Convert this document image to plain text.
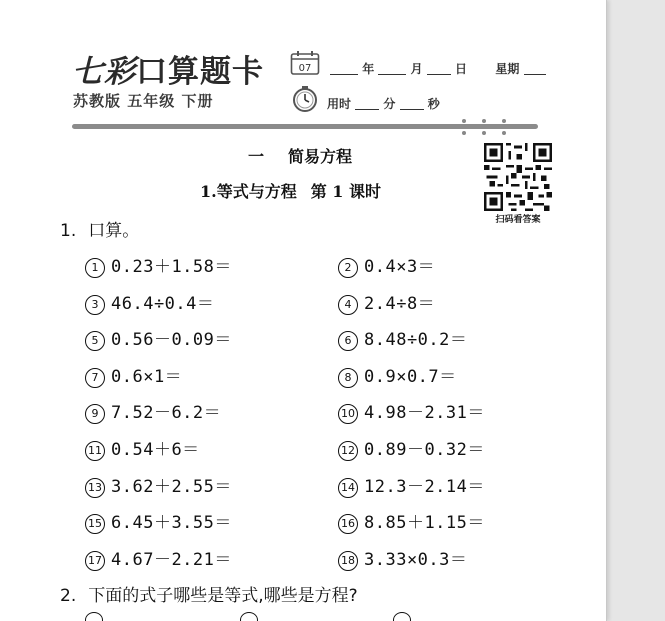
七彩口算题卡
苏教版 五年级 下册
07	年	月	日 星期
用时	分	秒
扫码看答案
一 简易方程
1.等式与方程 第 1 课时
1. 口算。
1 0.23＋1.58＝	2 0.4×3＝
3 46.4÷0.4＝	4 2.4÷8＝
5 0.56－0.09＝	6 8.48÷0.2＝
7 0.6×1＝	8 0.9×0.7＝
9 7.52－6.2＝	10 4.98－2.31＝
11 0.54＋6＝	12 0.89－0.32＝
13 3.62＋2.55＝	14 12.3－2.14＝
15 6.45＋3.55＝	16 8.85＋1.15＝
17 4.67－2.21＝	18 3.33×0.3＝
2. 下面的式子哪些是等式,哪些是方程?
